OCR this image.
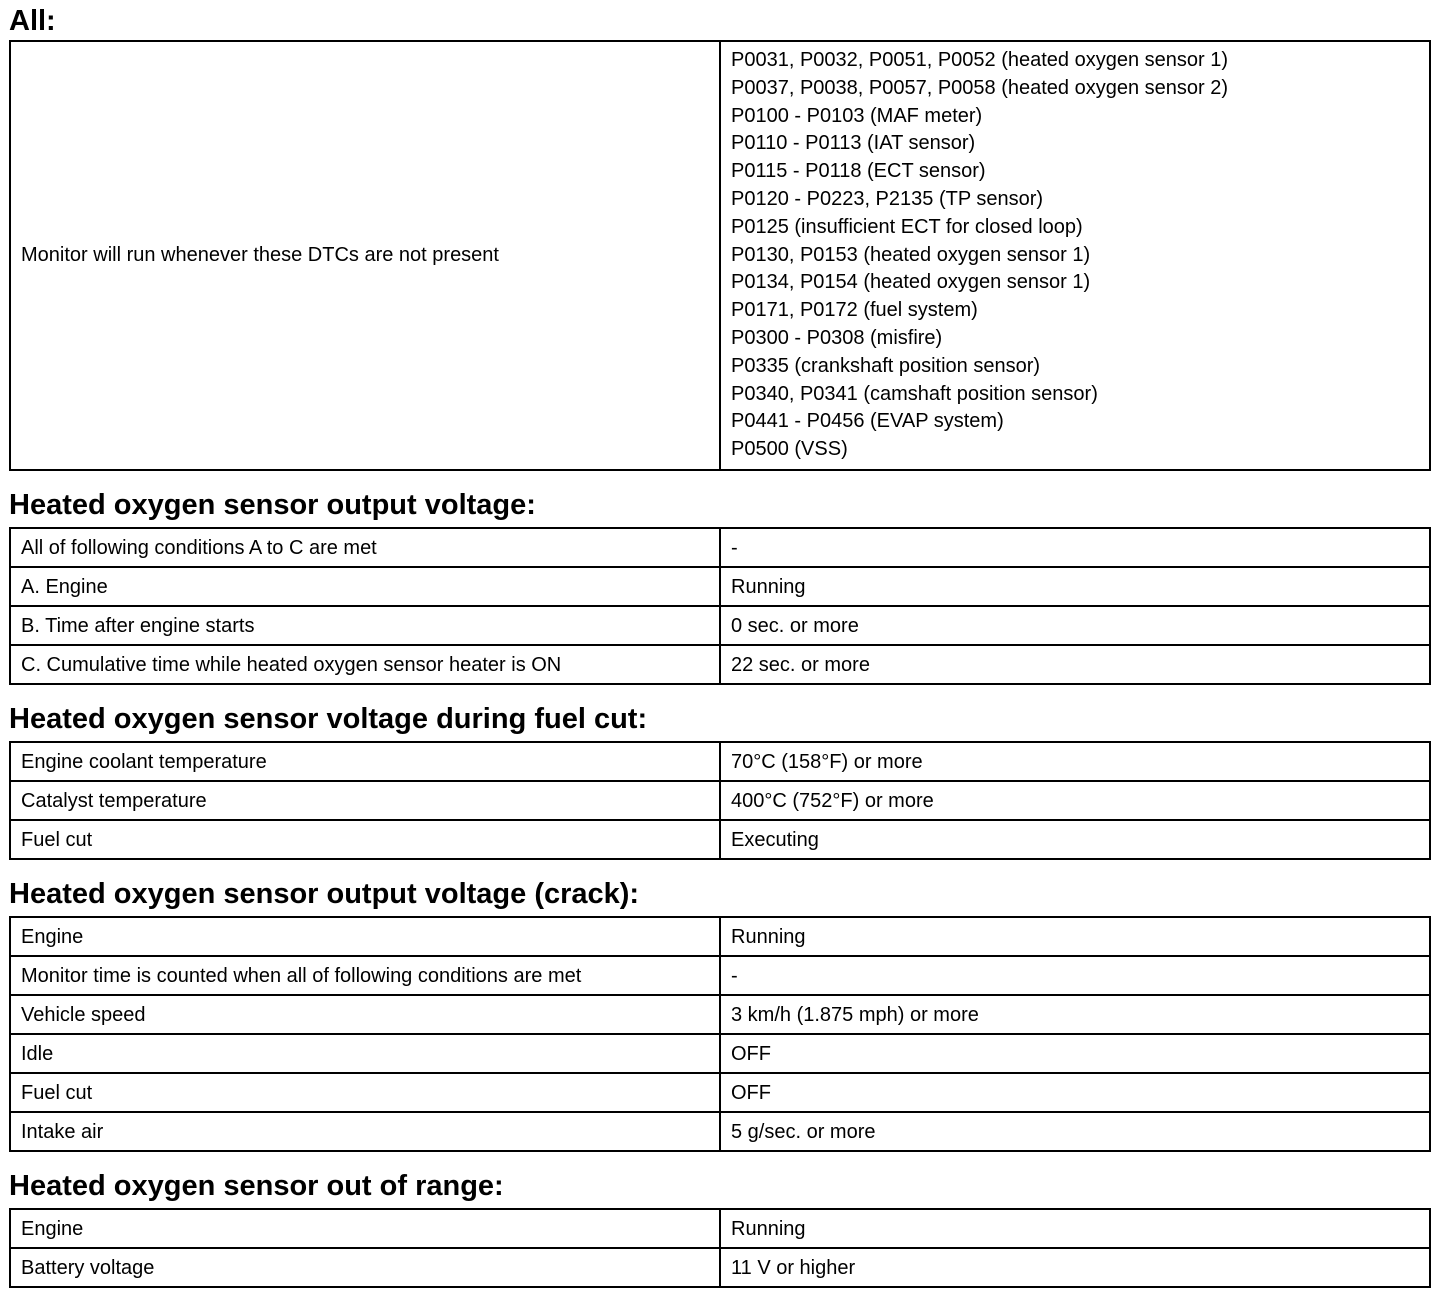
All:
Monitor will run whenever these DTCs are not present	
P0031, P0032, P0051, P0052 (heated oxygen sensor 1)
P0037, P0038, P0057, P0058 (heated oxygen sensor 2)
P0100 - P0103 (MAF meter)
P0110 - P0113 (IAT sensor)
P0115 - P0118 (ECT sensor)
P0120 - P0223, P2135 (TP sensor)
P0125 (insufficient ECT for closed loop)
P0130, P0153 (heated oxygen sensor 1)
P0134, P0154 (heated oxygen sensor 1)
P0171, P0172 (fuel system)
P0300 - P0308 (misfire)
P0335 (crankshaft position sensor)
P0340, P0341 (camshaft position sensor)
P0441 - P0456 (EVAP system)
P0500 (VSS)
Heated oxygen sensor output voltage:
All of following conditions A to C are met	-
A. Engine	Running
B. Time after engine starts	0 sec. or more
C. Cumulative time while heated oxygen sensor heater is ON	22 sec. or more
Heated oxygen sensor voltage during fuel cut:
Engine coolant temperature	70°C (158°F) or more
Catalyst temperature	400°C (752°F) or more
Fuel cut	Executing
Heated oxygen sensor output voltage (crack):
Engine	Running
Monitor time is counted when all of following conditions are met	-
Vehicle speed	3 km/h (1.875 mph) or more
Idle	OFF
Fuel cut	OFF
Intake air	5 g/sec. or more
Heated oxygen sensor out of range:
Engine	Running
Battery voltage	11 V or higher
